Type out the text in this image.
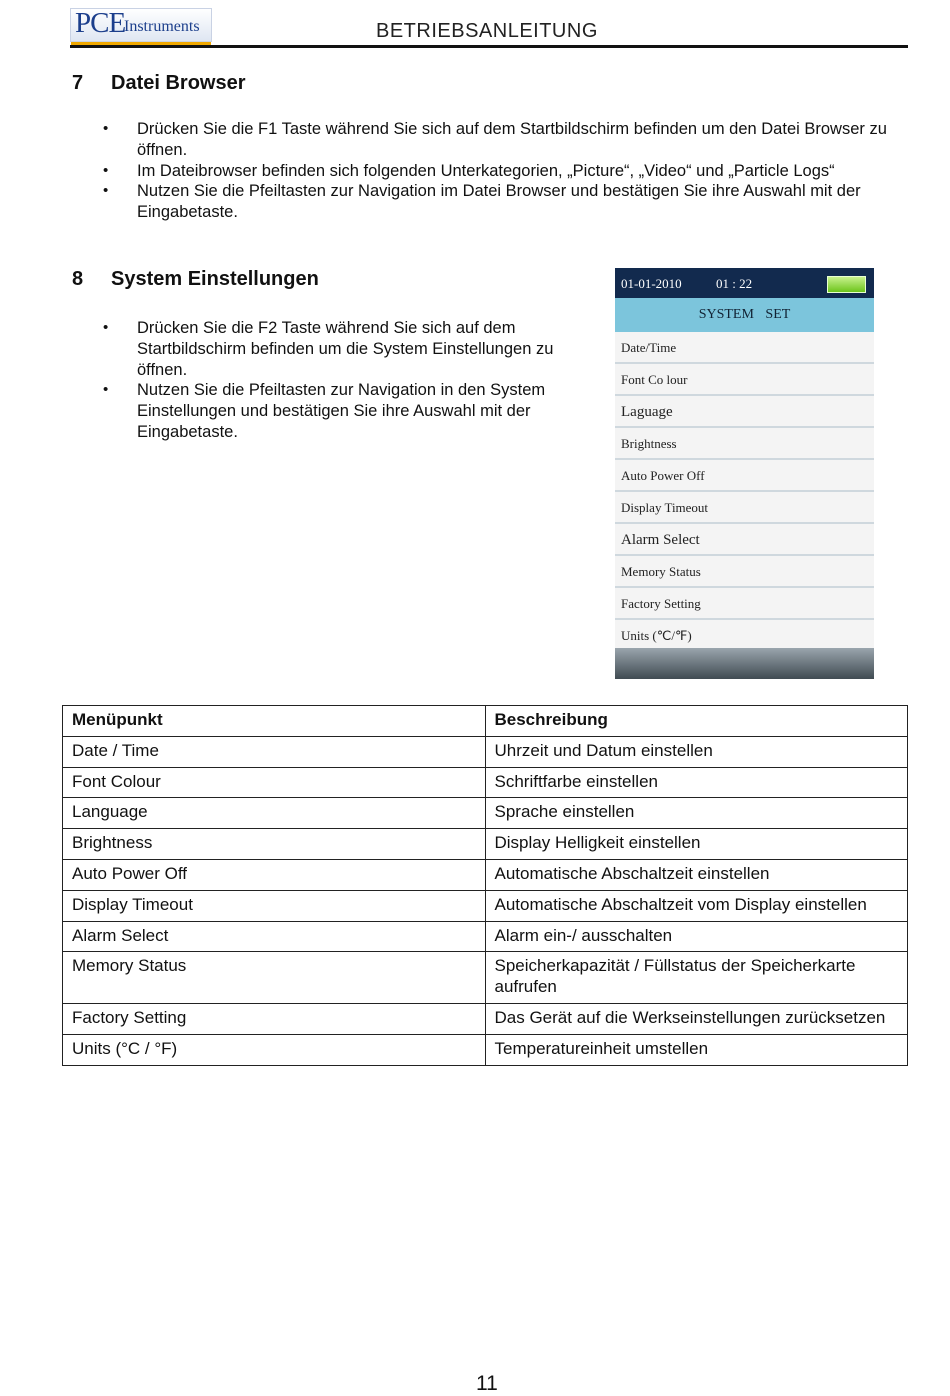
PCE
Instruments	BETRIEBSANLEITUNG
7 Datei Browser
• Drücken Sie die F1 Taste während Sie sich auf dem Startbildschirm befinden um den Datei Browser zu öffnen.
• Im Dateibrowser befinden sich folgenden Unterkategorien, „Picture“, „Video“ und „Particle Logs“
• Nutzen Sie die Pfeiltasten zur Navigation im Datei Browser und bestätigen Sie ihre Auswahl mit der Eingabetaste.
8 System Einstellungen
• Drücken Sie die F2 Taste während Sie sich auf dem Startbildschirm befinden um die System Einstellungen zu öffnen.
• Nutzen Sie die Pfeiltasten zur Navigation in den System Einstellungen und bestätigen Sie ihre Auswahl mit der Eingabetaste.
01-01-2010	01 : 22
SYSTEM SET
Date/Time
Font Co lour
Laguage
Brightness
Auto Power Off
Display Timeout
Alarm Select
Memory Status
Factory Setting
Units (℃/℉)
Menüpunkt	Beschreibung
Date / Time	Uhrzeit und Datum einstellen
Font Colour	Schriftfarbe einstellen
Language	Sprache einstellen
Brightness	Display Helligkeit einstellen
Auto Power Off	Automatische Abschaltzeit einstellen
Display Timeout	Automatische Abschaltzeit vom Display einstellen
Alarm Select	Alarm ein-/ ausschalten
Memory Status	Speicherkapazität / Füllstatus der Speicherkarte aufrufen
Factory Setting	Das Gerät auf die Werkseinstellungen zurücksetzen
Units (°C / °F)	Temperatureinheit umstellen
11
